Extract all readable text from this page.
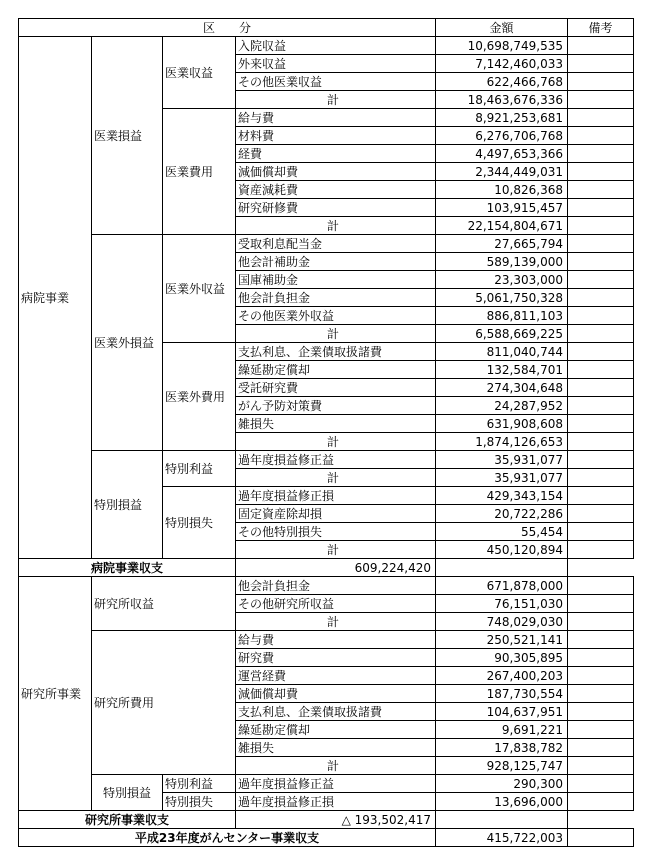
区　　分				金額	備考
病院事業	医業損益	医業収益	入院収益	10,698,749,535	
			外来収益	7,142,460,033	
			その他医業収益	622,466,768	
			計	18,463,676,336	
		医業費用	給与費	8,921,253,681	
			材料費	6,276,706,768	
			経費	4,497,653,366	
			減価償却費	2,344,449,031	
			資産減耗費	10,826,368	
			研究研修費	103,915,457	
			計	22,154,804,671	
	医業外損益	医業外収益	受取利息配当金	27,665,794	
			他会計補助金	589,139,000	
			国庫補助金	23,303,000	
			他会計負担金	5,061,750,328	
			その他医業外収益	886,811,103	
			計	6,588,669,225	
		医業外費用	支払利息、企業債取扱諸費	811,040,744	
			繰延勘定償却	132,584,701	
			受託研究費	274,304,648	
			がん予防対策費	24,287,952	
			雑損失	631,908,608	
			計	1,874,126,653	
	特別損益	特別利益	過年度損益修正益	35,931,077	
			計	35,931,077	
		特別損失	過年度損益修正損	429,343,154	
			固定資産除却損	20,722,286	
			その他特別損失	55,454	
			計	450,120,894	
病院事業収支			609,224,420		
研究所事業	研究所収益		他会計負担金	671,878,000	
			その他研究所収益	76,151,030	
			計	748,029,030	
	研究所費用		給与費	250,521,141	
			研究費	90,305,895	
			運営経費	267,400,203	
			減価償却費	187,730,554	
			支払利息、企業債取扱諸費	104,637,951	
			繰延勘定償却	9,691,221	
			雑損失	17,838,782	
			計	928,125,747	
	特別損益	特別利益	過年度損益修正益	290,300	
		特別損失	過年度損益修正損	13,696,000	
研究所事業収支			△ 193,502,417		
平成23年度がんセンター事業収支				415,722,003	
